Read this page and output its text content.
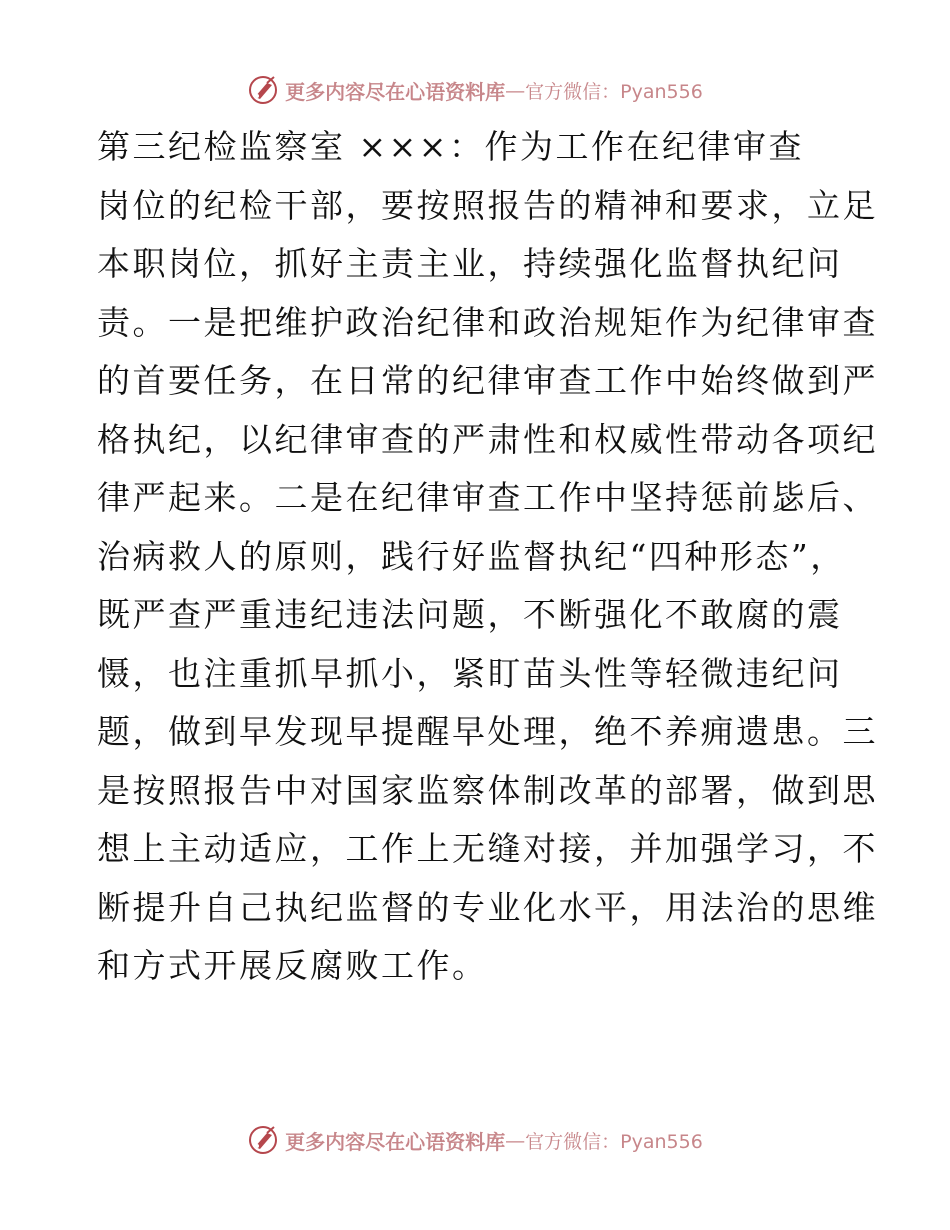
更多内容尽在心语资料库 — 官方微信：Pyan556
第三纪检监察室 ×××：作为工作在纪律审查
岗位的纪检干部，要按照报告的精神和要求，立足
本职岗位，抓好主责主业，持续强化监督执纪问
责。一是把维护政治纪律和政治规矩作为纪律审查
的首要任务，在日常的纪律审查工作中始终做到严
格执纪，以纪律审查的严肃性和权威性带动各项纪
律严起来。二是在纪律审查工作中坚持惩前毖后、
治病救人的原则，践行好监督执纪“四种形态”，
既严查严重违纪违法问题，不断强化不敢腐的震
慑，也注重抓早抓小，紧盯苗头性等轻微违纪问
题，做到早发现早提醒早处理，绝不养痈遗患。三
是按照报告中对国家监察体制改革的部署，做到思
想上主动适应，工作上无缝对接，并加强学习，不
断提升自己执纪监督的专业化水平，用法治的思维
和方式开展反腐败工作。
更多内容尽在心语资料库 — 官方微信：Pyan556
